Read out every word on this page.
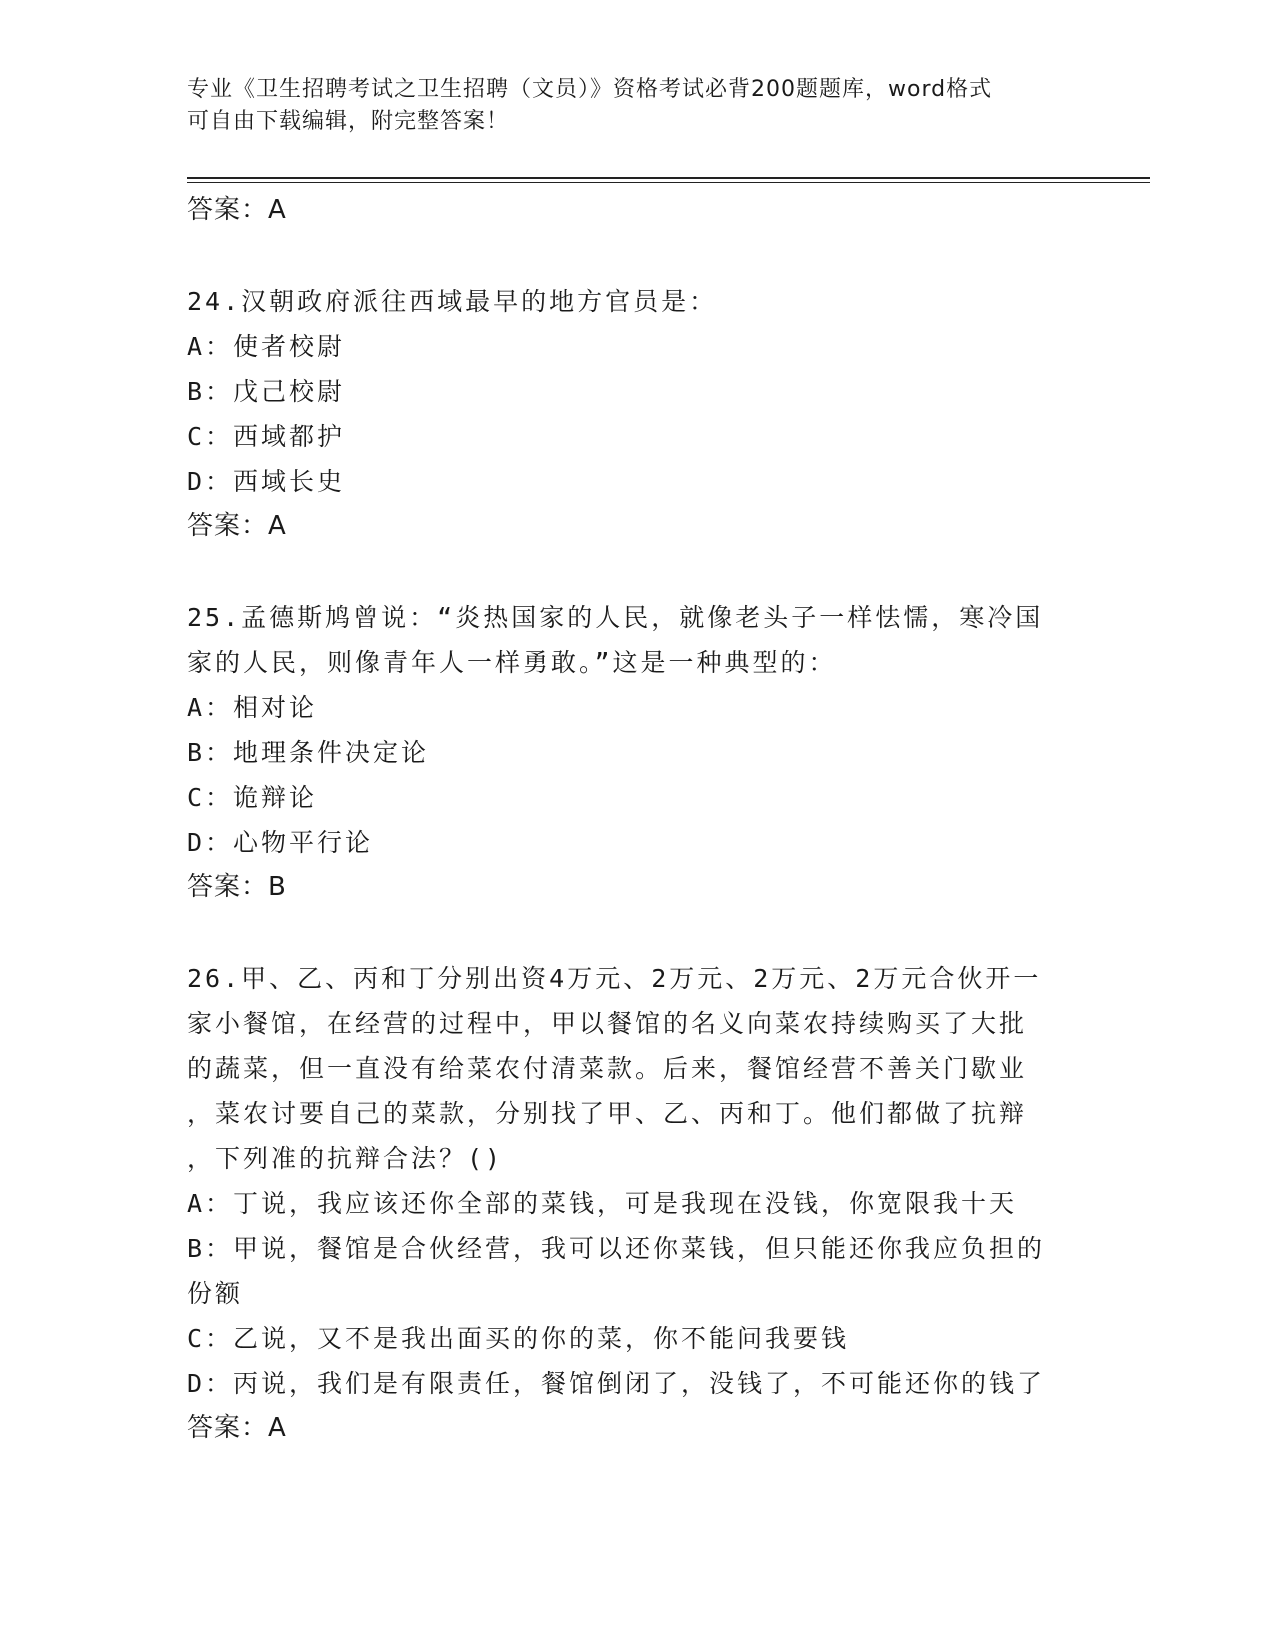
专业《卫生招聘考试之卫生招聘（文员）》资格考试必背200题题库，word格式
可自由下载编辑，附完整答案！
答案：A
24.汉朝政府派往西域最早的地方官员是：
A：使者校尉
B：戊己校尉
C：西域都护
D：西域长史
答案：A
25.孟德斯鸠曾说：“炎热国家的人民，就像老头子一样怯懦，寒冷国
家的人民，则像青年人一样勇敢。”这是一种典型的：
A：相对论
B：地理条件决定论
C：诡辩论
D：心物平行论
答案：B
26.甲、乙、丙和丁分别出资4万元、2万元、2万元、2万元合伙开一
家小餐馆，在经营的过程中，甲以餐馆的名义向菜农持续购买了大批
的蔬菜，但一直没有给菜农付清菜款。后来，餐馆经营不善关门歇业
，菜农讨要自己的菜款，分别找了甲、乙、丙和丁。他们都做了抗辩
，下列准的抗辩合法？()
A：丁说，我应该还你全部的菜钱，可是我现在没钱，你宽限我十天
B：甲说，餐馆是合伙经营，我可以还你菜钱，但只能还你我应负担的
份额
C：乙说，又不是我出面买的你的菜，你不能问我要钱
D：丙说，我们是有限责任，餐馆倒闭了，没钱了，不可能还你的钱了
答案：A
